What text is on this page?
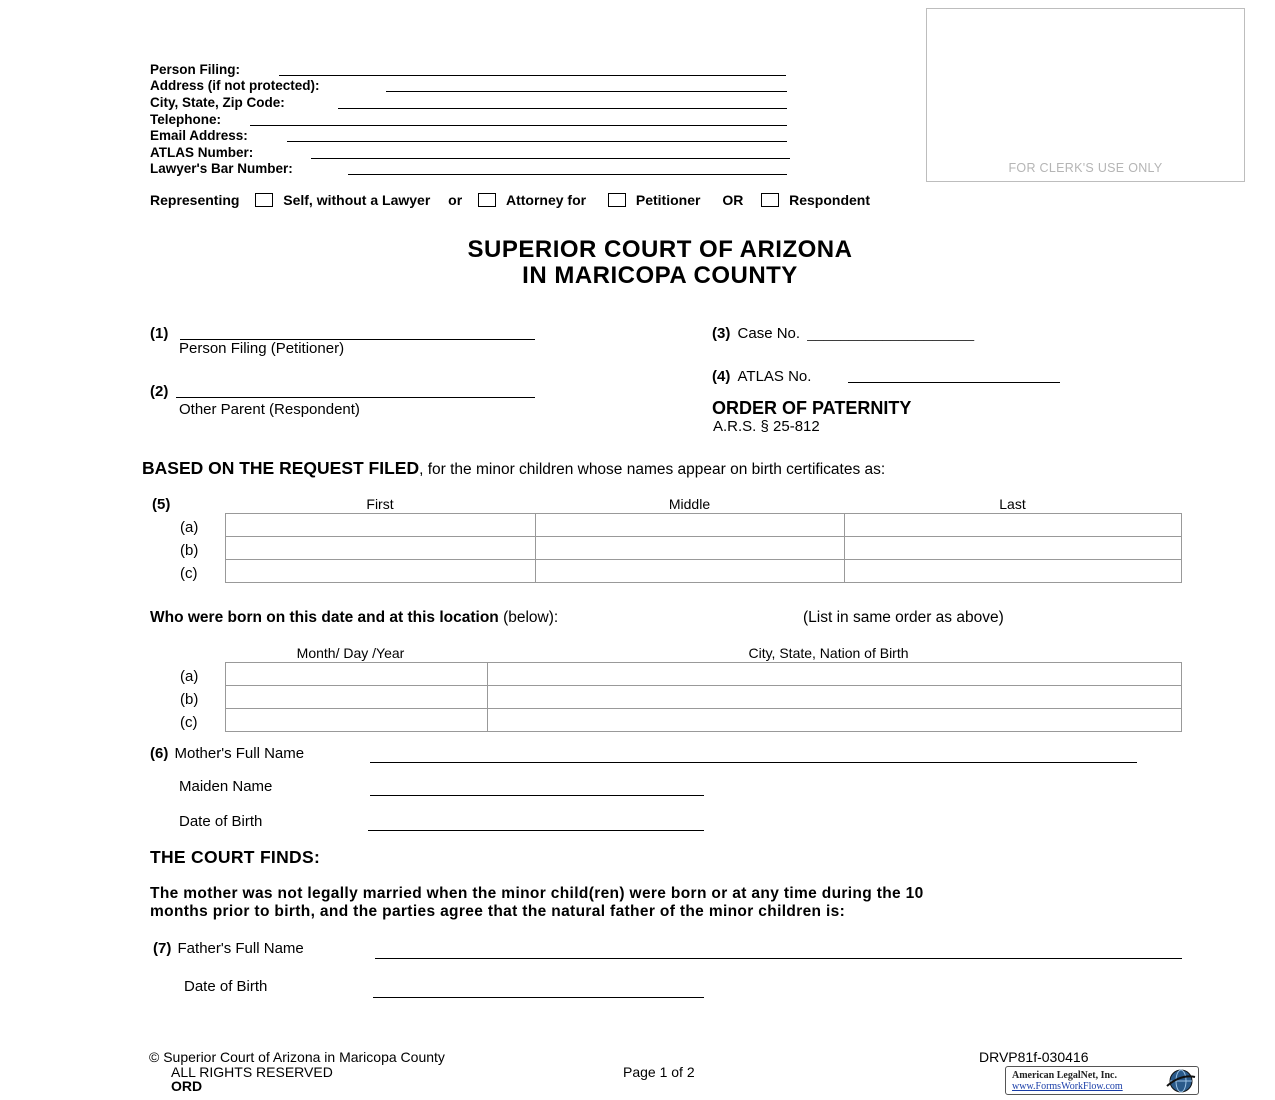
Person Filing:
Address (if not protected):
City, State, Zip Code:
Telephone:
Email Address:
ATLAS Number:
Lawyer's Bar Number:	FOR CLERK'S USE ONLY
Representing	Self, without a Lawyer or	Attorney for	Petitioner OR	Respondent
SUPERIOR COURT OF ARIZONA
IN MARICOPA COUNTY
(1)
Person Filing (Petitioner)
(2)
Other Parent (Respondent)
(3) Case No. ____________________
(4) ATLAS No.
ORDER OF PATERNITY
A.R.S. § 25-812
BASED ON THE REQUEST FILED, for the minor children whose names appear on birth certificates as:
(5)	First	Middle	Last
(a)
(b)
(c)

Who were born on this date and at this location (below):	(List in same order as above)
Month/ Day /Year	City, State, Nation of Birth
(a)
(b)
(c)

(6) Mother's Full Name
Maiden Name
Date of Birth
THE COURT FINDS:
The mother was not legally married when the minor child(ren) were born or at any time during the 10
months prior to birth, and the parties agree that the natural father of the minor children is:
(7) Father's Full Name
Date of Birth
© Superior Court of Arizona in Maricopa County
ALL RIGHTS RESERVED
ORD
Page 1 of 2
DRVP81f-030416
American LegalNet, Inc.
www.FormsWorkFlow.com
